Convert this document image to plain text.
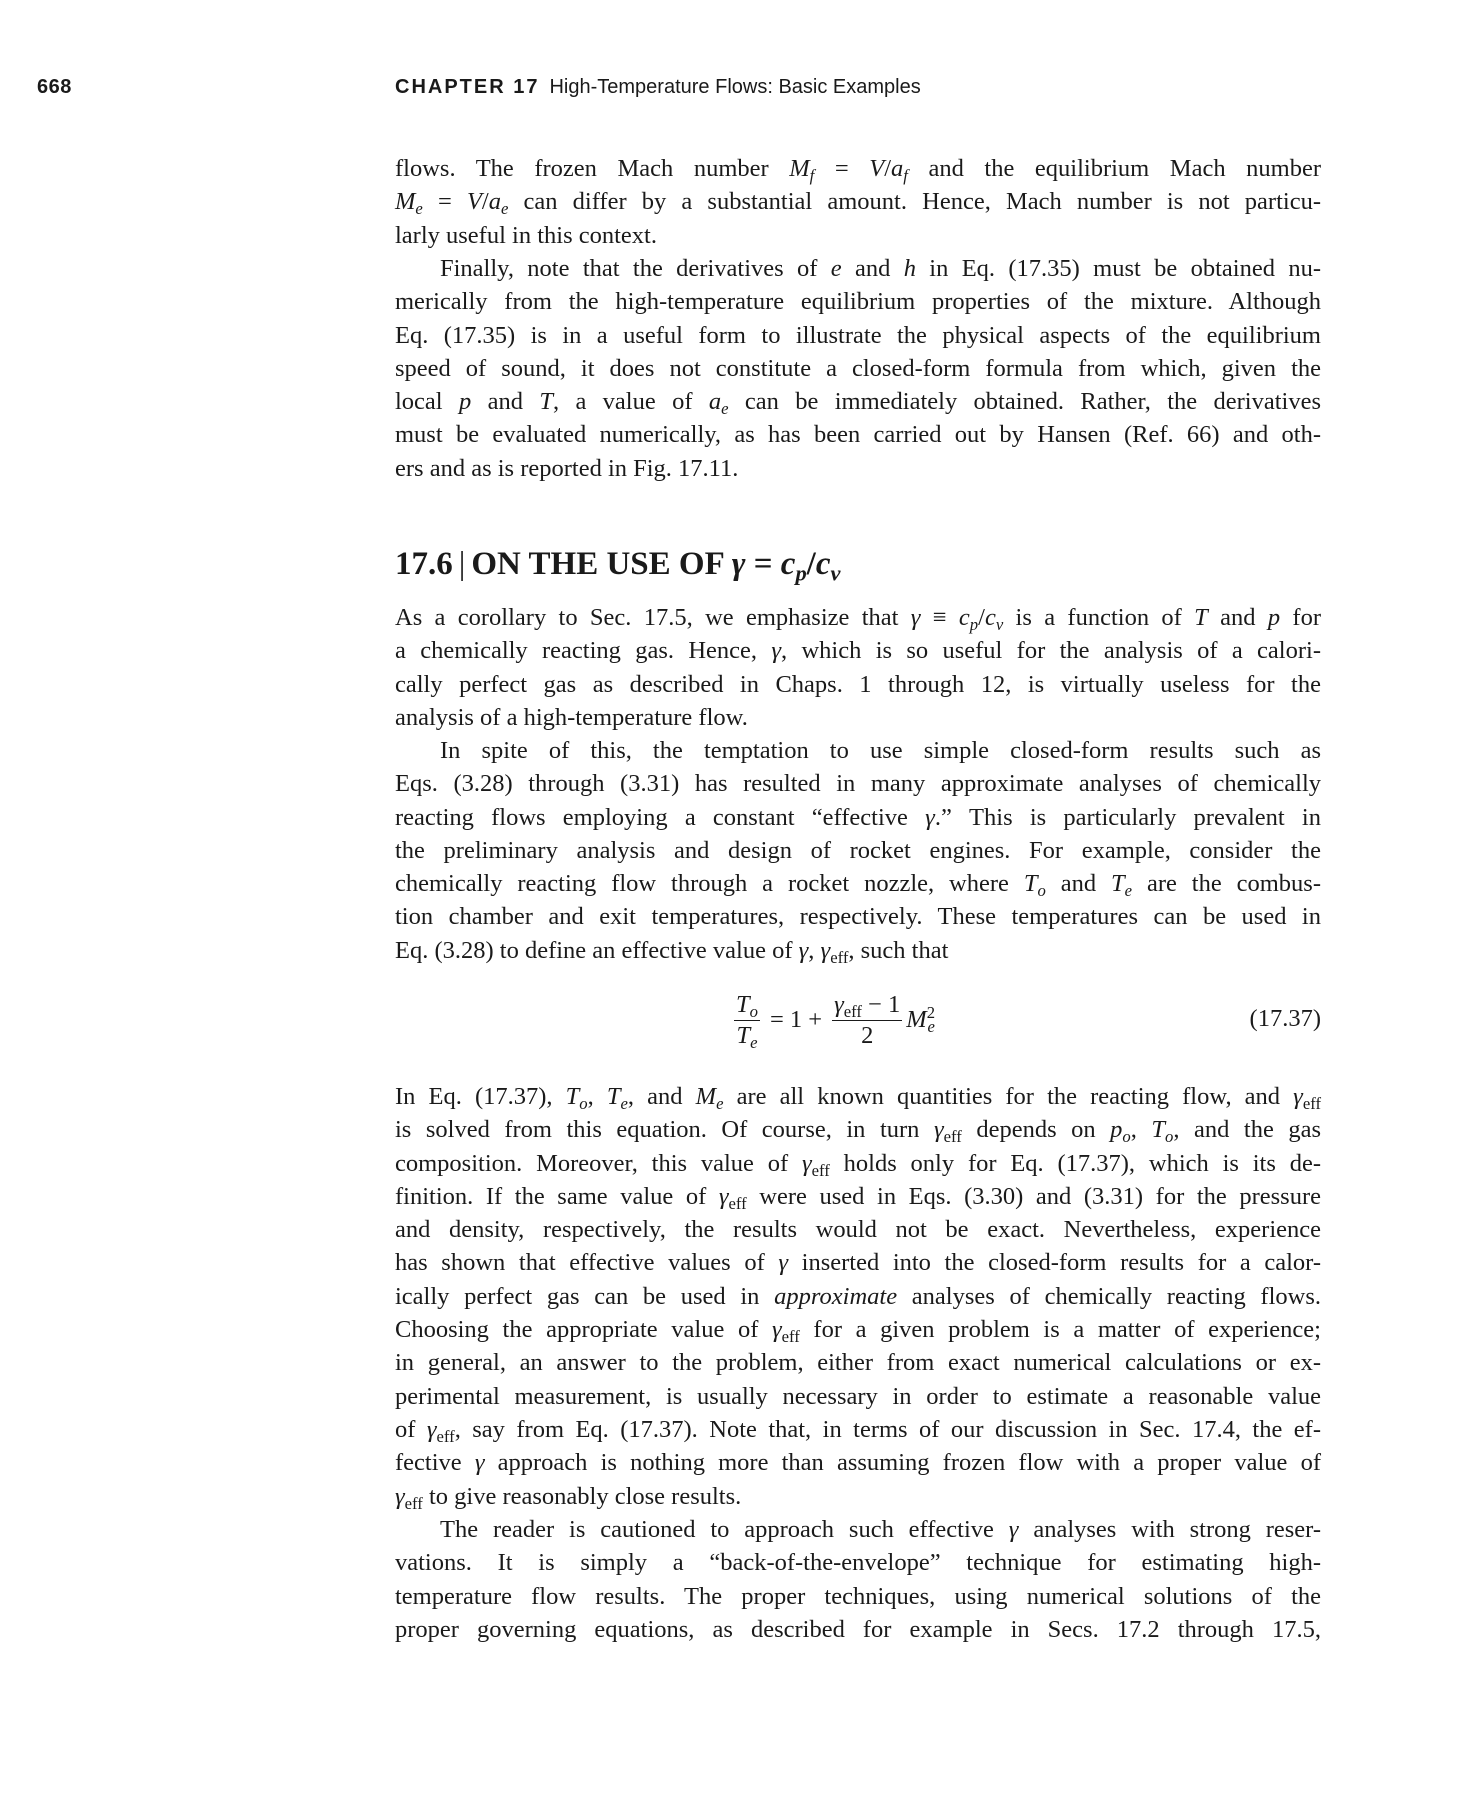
668	CHAPTER 17 High-Temperature Flows: Basic Examples
flows. The frozen Mach number $M_f = V/a_f$ and the equilibrium Mach number
$M_e = V/a_e$ can differ by a substantial amount. Hence, Mach number is not particu-
larly useful in this context.
Finally, note that the derivatives of e and h in Eq. (17.35) must be obtained nu-
merically from the high-temperature equilibrium properties of the mixture. Although
Eq. (17.35) is in a useful form to illustrate the physical aspects of the equilibrium
speed of sound, it does not constitute a closed-form formula from which, given the
local p and T, a value of $a_e$ can be immediately obtained. Rather, the derivatives
must be evaluated numerically, as has been carried out by Hansen (Ref. 66) and oth-
ers and as is reported in Fig. 17.11.
17.6 | ON THE USE OF $\gamma = c_p/c_v$
As a corollary to Sec. 17.5, we emphasize that $\gamma \equiv c_p/c_v$ is a function of T and p for
a chemically reacting gas. Hence, γ, which is so useful for the analysis of a calori-
cally perfect gas as described in Chaps. 1 through 12, is virtually useless for the
analysis of a high-temperature flow.
In spite of this, the temptation to use simple closed-form results such as
Eqs. (3.28) through (3.31) has resulted in many approximate analyses of chemically
reacting flows employing a constant “effective γ.” This is particularly prevalent in
the preliminary analysis and design of rocket engines. For example, consider the
chemically reacting flow through a rocket nozzle, where $T_o$ and $T_e$ are the combus-
tion chamber and exit temperatures, respectively. These temperatures can be used in
Eq. (3.28) to define an effective value of γ, $\gamma_{eff}$, such that
$\frac{T_o}{T_e} = 1 + \frac{\gamma_{eff} - 1}{2} M^2_e$	(17.37)
In Eq. (17.37), $T_o$, $T_e$, and $M_e$ are all known quantities for the reacting flow, and $\gamma_{eff}$
is solved from this equation. Of course, in turn $\gamma_{eff}$ depends on $p_o$, $T_o$, and the gas
composition. Moreover, this value of $\gamma_{eff}$ holds only for Eq. (17.37), which is its de-
finition. If the same value of $\gamma_{eff}$ were used in Eqs. (3.30) and (3.31) for the pressure
and density, respectively, the results would not be exact. Nevertheless, experience
has shown that effective values of γ inserted into the closed-form results for a calor-
ically perfect gas can be used in approximate analyses of chemically reacting flows.
Choosing the appropriate value of $\gamma_{eff}$ for a given problem is a matter of experience;
in general, an answer to the problem, either from exact numerical calculations or ex-
perimental measurement, is usually necessary in order to estimate a reasonable value
of $\gamma_{eff}$, say from Eq. (17.37). Note that, in terms of our discussion in Sec. 17.4, the ef-
fective γ approach is nothing more than assuming frozen flow with a proper value of
$\gamma_{eff}$ to give reasonably close results.
The reader is cautioned to approach such effective γ analyses with strong reser-
vations. It is simply a “back-of-the-envelope” technique for estimating high-
temperature flow results. The proper techniques, using numerical solutions of the
proper governing equations, as described for example in Secs. 17.2 through 17.5,
